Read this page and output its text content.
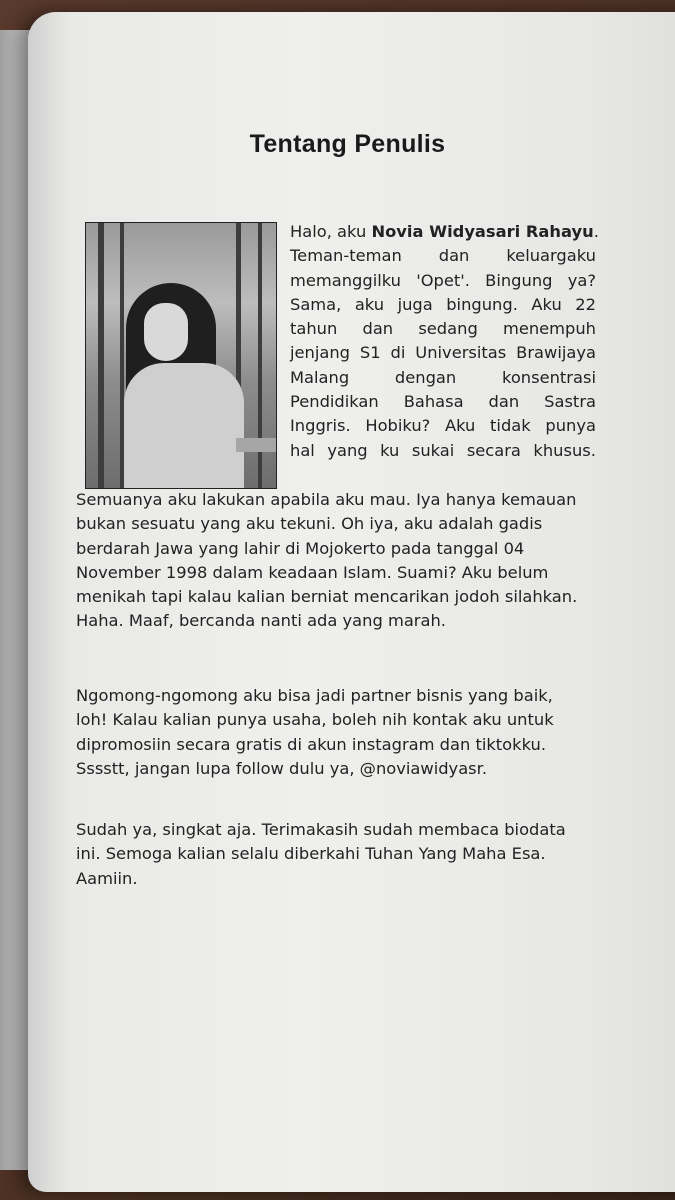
Tentang Penulis
Halo, aku Novia Widyasari Rahayu.
Teman-teman dan keluargaku
memanggilku 'Opet'. Bingung ya?
Sama, aku juga bingung. Aku 22
tahun dan sedang menempuh
jenjang S1 di Universitas Brawijaya
Malang	dengan	konsentrasi
Pendidikan Bahasa dan Sastra
Inggris. Hobiku? Aku tidak punya
hal yang ku sukai secara khusus.
Semuanya aku lakukan apabila aku mau. Iya hanya kemauan
bukan sesuatu yang aku tekuni. Oh iya, aku adalah gadis
berdarah Jawa yang lahir di Mojokerto pada tanggal 04
November 1998 dalam keadaan Islam. Suami? Aku belum
menikah tapi kalau kalian berniat mencarikan jodoh silahkan.
Haha. Maaf, bercanda nanti ada yang marah.
Ngomong-ngomong aku bisa jadi partner bisnis yang baik,
loh! Kalau kalian punya usaha, boleh nih kontak aku untuk
dipromosiin secara gratis di akun instagram dan tiktokku.
Sssstt, jangan lupa follow dulu ya, @noviawidyasr.
Sudah ya, singkat aja. Terimakasih sudah membaca biodata
ini. Semoga kalian selalu diberkahi Tuhan Yang Maha Esa.
Aamiin.
